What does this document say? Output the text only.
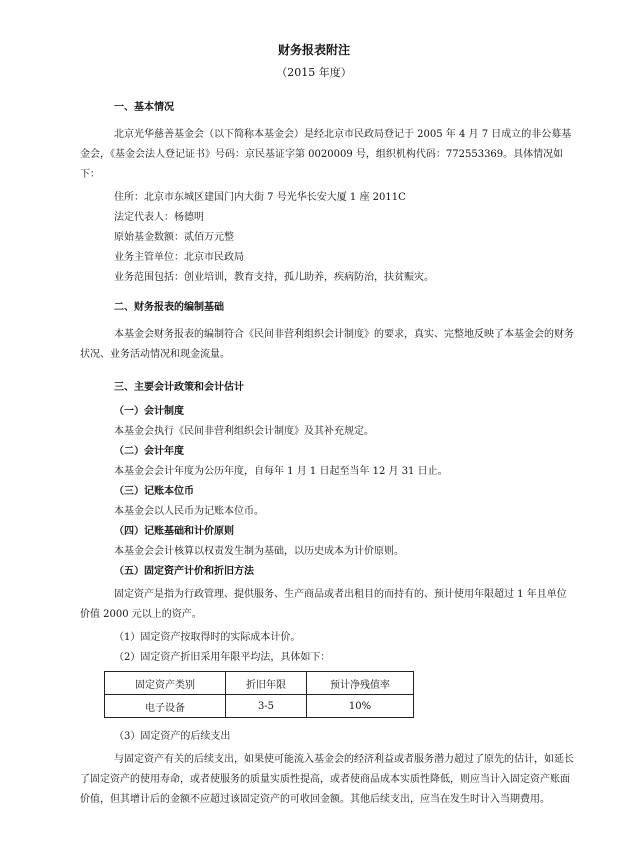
财务报表附注
（2015 年度）
一、基本情况
北京光华慈善基金会（以下简称本基金会）是经北京市民政局登记于 2005 年 4 月 7 日成立的非公募基金会，《基金会法人登记证书》号码：京民基证字第 0020009 号，组织机构代码：772553369。具体情况如下：
住所：北京市东城区建国门内大街 7 号光华长安大厦 1 座 2011C
法定代表人：杨德明
原始基金数额：贰佰万元整
业务主管单位：北京市民政局
业务范围包括：创业培训，教育支持，孤儿助养，疾病防治，扶贫赈灾。
二、财务报表的编制基础
本基金会财务报表的编制符合《民间非营利组织会计制度》的要求，真实、完整地反映了本基金会的财务状况、业务活动情况和现金流量。
三、主要会计政策和会计估计
（一）会计制度
本基金会执行《民间非营利组织会计制度》及其补充规定。
（二）会计年度
本基金会会计年度为公历年度，自每年 1 月 1 日起至当年 12 月 31 日止。
（三）记账本位币
本基金会以人民币为记账本位币。
（四）记账基础和计价原则
本基金会会计核算以权责发生制为基础，以历史成本为计价原则。
（五）固定资产计价和折旧方法
固定资产是指为行政管理、提供服务、生产商品或者出租目的而持有的、预计使用年限超过 1 年且单位价值 2000 元以上的资产。
（1）固定资产按取得时的实际成本计价。
（2）固定资产折旧采用年限平均法，具体如下：
固定资产类别	折旧年限	预计净残值率
电子设备	3-5	10%
（3）固定资产的后续支出
与固定资产有关的后续支出，如果使可能流入基金会的经济利益或者服务潜力超过了原先的估计，如延长了固定资产的使用寿命，或者使服务的质量实质性提高，或者使商品成本实质性降低，则应当计入固定资产账面价值，但其增计后的金额不应超过该固定资产的可收回金额。其他后续支出，应当在发生时计入当期费用。
